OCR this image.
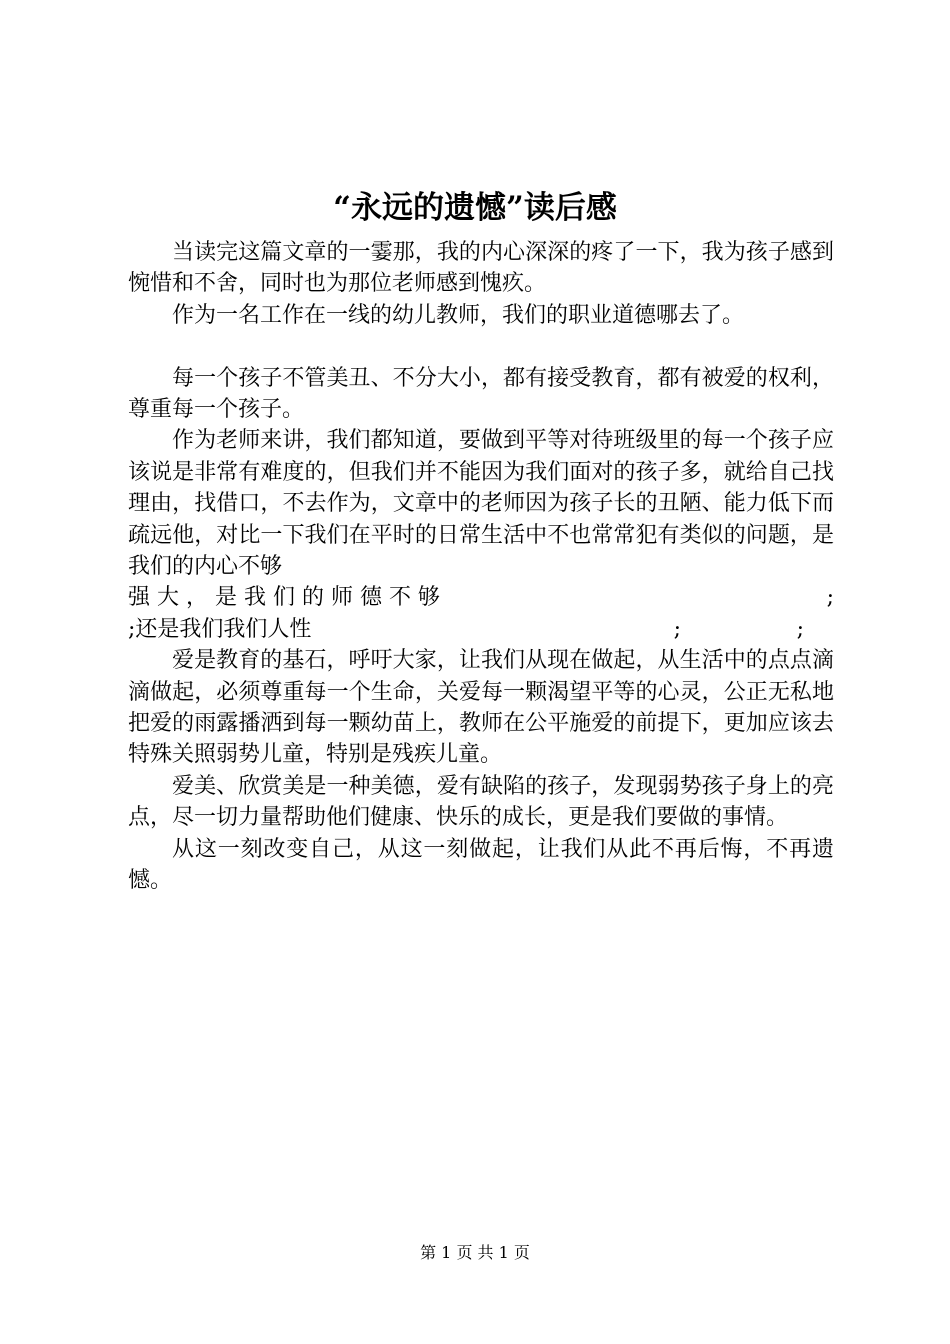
“永远的遗憾”读后感

当读完这篇文章的一霎那，我的内心深深的疼了一下，我为孩子感到惋惜和不舍，同时也为那位老师感到愧疚。

作为一名工作在一线的幼儿教师，我们的职业道德哪去了。

每一个孩子不管美丑、不分大小，都有接受教育，都有被爱的权利，尊重每一个孩子。

作为老师来讲，我们都知道，要做到平等对待班级里的每一个孩子应该说是非常有难度的，但我们并不能因为我们面对的孩子多，就给自己找理由，找借口，不去作为，文章中的老师因为孩子长的丑陋、能力低下而疏远他，对比一下我们在平时的日常生活中不也常常犯有类似的问题，是我们的内心不够

强 大 ， 是 我 们 的 师 德 不 够	;

;还是我们我们人性	;	;

爱是教育的基石，呼吁大家，让我们从现在做起，从生活中的点点滴滴做起，必须尊重每一个生命，关爱每一颗渴望平等的心灵，公正无私地把爱的雨露播洒到每一颗幼苗上，教师在公平施爱的前提下，更加应该去特殊关照弱势儿童，特别是残疾儿童。

爱美、欣赏美是一种美德，爱有缺陷的孩子，发现弱势孩子身上的亮点，尽一切力量帮助他们健康、快乐的成长，更是我们要做的事情。

从这一刻改变自己，从这一刻做起，让我们从此不再后悔，不再遗憾。

第 1 页 共 1 页
